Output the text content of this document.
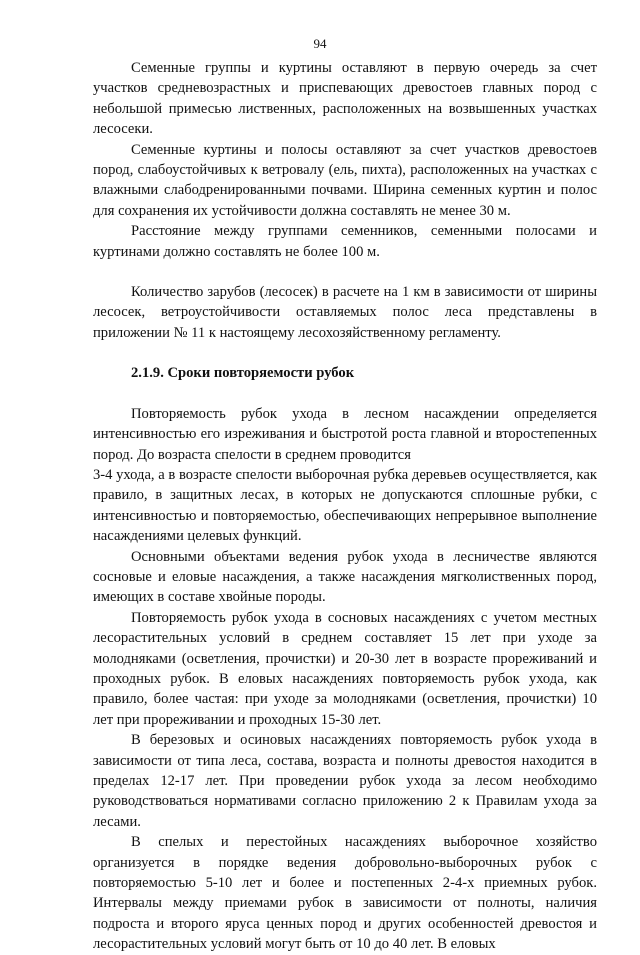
94

Семенные группы и куртины оставляют в первую очередь за счет участков средневозрастных и приспевающих древостоев главных пород с небольшой примесью лиственных, расположенных на возвышенных участках лесосеки.

Семенные куртины и полосы оставляют за счет участков древостоев пород, слабоустойчивых к ветровалу (ель, пихта), расположенных на участках с влажными слабодренированными почвами. Ширина семенных куртин и полос для сохранения их устойчивости должна составлять не менее 30 м.

Расстояние между группами семенников, семенными полосами и куртинами должно составлять не более 100 м.

Количество зарубов (лесосек) в расчете на 1 км в зависимости от ширины лесосек, ветроустойчивости оставляемых полос леса представлены в приложении № 11 к настоящему лесохозяйственному регламенту.

2.1.9. Сроки повторяемости рубок

Повторяемость рубок ухода в лесном насаждении определяется интенсивностью его изреживания и быстротой роста главной и второстепенных пород. До возраста спелости в среднем проводится

3-4 ухода, а в возрасте спелости выборочная рубка деревьев осуществляется, как правило, в защитных лесах, в которых не допускаются сплошные рубки, с интенсивностью и повторяемостью, обеспечивающих непрерывное выполнение насаждениями целевых функций.

Основными объектами ведения рубок ухода в лесничестве являются сосновые и еловые насаждения, а также насаждения мягколиственных пород, имеющих в составе хвойные породы.

Повторяемость рубок ухода в сосновых насаждениях с учетом местных лесорастительных условий в среднем составляет 15 лет при уходе за молодняками (осветления, прочистки) и 20-30 лет в возрасте прореживаний и проходных рубок. В еловых насаждениях повторяемость рубок ухода, как правило, более частая: при уходе за молодняками (осветления, прочистки) 10 лет при прореживании и проходных 15-30 лет.

В березовых и осиновых насаждениях повторяемость рубок ухода в зависимости от типа леса, состава, возраста и полноты древостоя находится в пределах 12-17 лет. При проведении рубок ухода за лесом необходимо руководствоваться нормативами согласно приложению 2 к Правилам ухода за лесами.

В спелых и перестойных насаждениях выборочное хозяйство организуется в порядке ведения добровольно-выборочных рубок с повторяемостью 5-10 лет и более и постепенных 2-4-х приемных рубок. Интервалы между приемами рубок в зависимости от полноты, наличия подроста и второго яруса ценных пород и других особенностей древостоя и лесорастительных условий могут быть от 10 до 40 лет. В еловых
